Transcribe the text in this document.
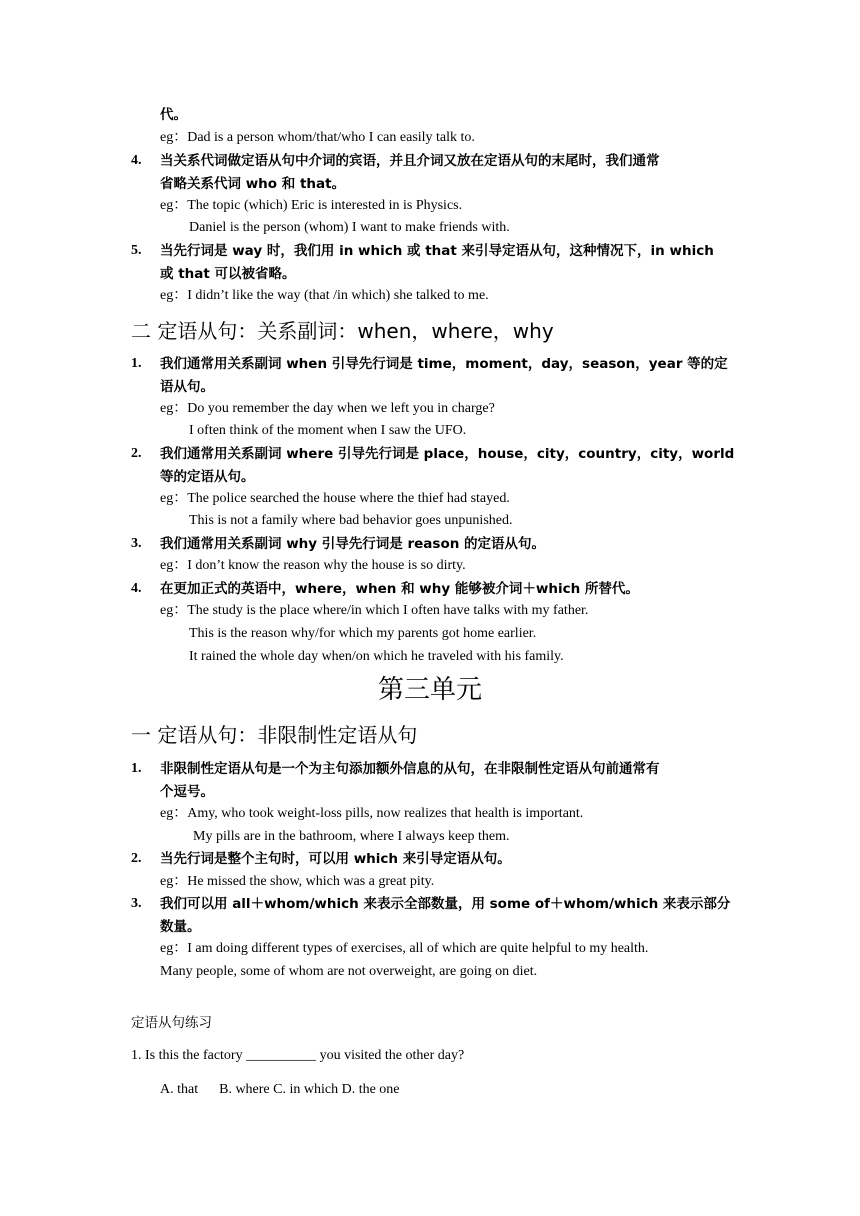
代。
eg：Dad is a person whom/that/who I can easily talk to.
4. 当关系代词做定语从句中介词的宾语，并且介词又放在定语从句的末尾时，我们通常
省略关系代词 who 和 that。
eg：The topic (which) Eric is interested in is Physics.
Daniel is the person (whom) I want to make friends with.
5. 当先行词是 way 时，我们用 in which 或 that 来引导定语从句，这种情况下，in which
或 that 可以被省略。
eg：I didn’t like the way (that /in which) she talked to me.
二 定语从句：关系副词：when，where，why
1. 我们通常用关系副词 when 引导先行词是 time，moment，day，season，year 等的定
语从句。
eg：Do you remember the day when we left you in charge?
I often think of the moment when I saw the UFO.
2. 我们通常用关系副词 where 引导先行词是 place，house，city，country，city，world
等的定语从句。
eg：The police searched the house where the thief had stayed.
This is not a family where bad behavior goes unpunished.
3. 我们通常用关系副词 why 引导先行词是 reason 的定语从句。
eg：I don’t know the reason why the house is so dirty.
4. 在更加正式的英语中，where，when 和 why 能够被介词＋which 所替代。
eg：The study is the place where/in which I often have talks with my father.
This is the reason why/for which my parents got home earlier.
It rained the whole day when/on which he traveled with his family.
第三单元
一 定语从句：非限制性定语从句
1. 非限制性定语从句是一个为主句添加额外信息的从句，在非限制性定语从句前通常有
个逗号。
eg：Amy, who took weight-loss pills, now realizes that health is important.
My pills are in the bathroom, where I always keep them.
2. 当先行词是整个主句时，可以用 which 来引导定语从句。
eg：He missed the show, which was a great pity.
3. 我们可以用 all＋whom/which 来表示全部数量，用 some of＋whom/which 来表示部分
数量。
eg：I am doing different types of exercises, all of which are quite helpful to my health.
Many people, some of whom are not overweight, are going on diet.
定语从句练习
1. Is this the factory __________ you visited the other day?
A. that      B. where C. in which D. the one
